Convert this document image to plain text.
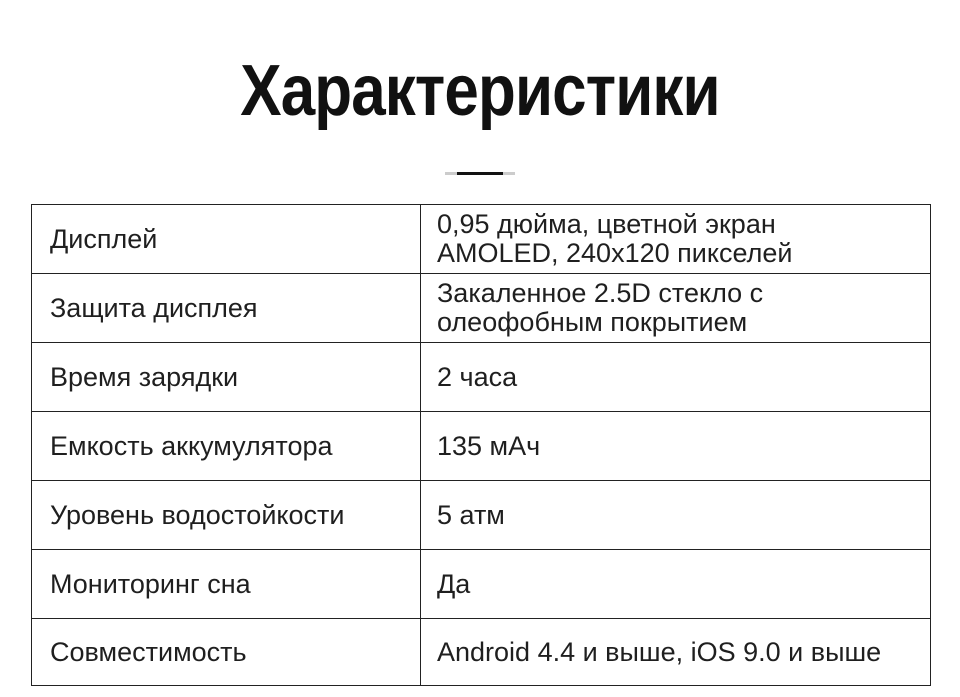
Характеристики
Дисплей	0,95 дюйма, цветной экран
AMOLED, 240x120 пикселей
Защита дисплея	Закаленное 2.5D стекло с
олеофобным покрытием
Время зарядки	2 часа
Емкость аккумулятора	135 мАч
Уровень водостойкости	5 атм
Мониторинг сна	Да
Совместимость	Android 4.4 и выше, iOS 9.0 и выше
